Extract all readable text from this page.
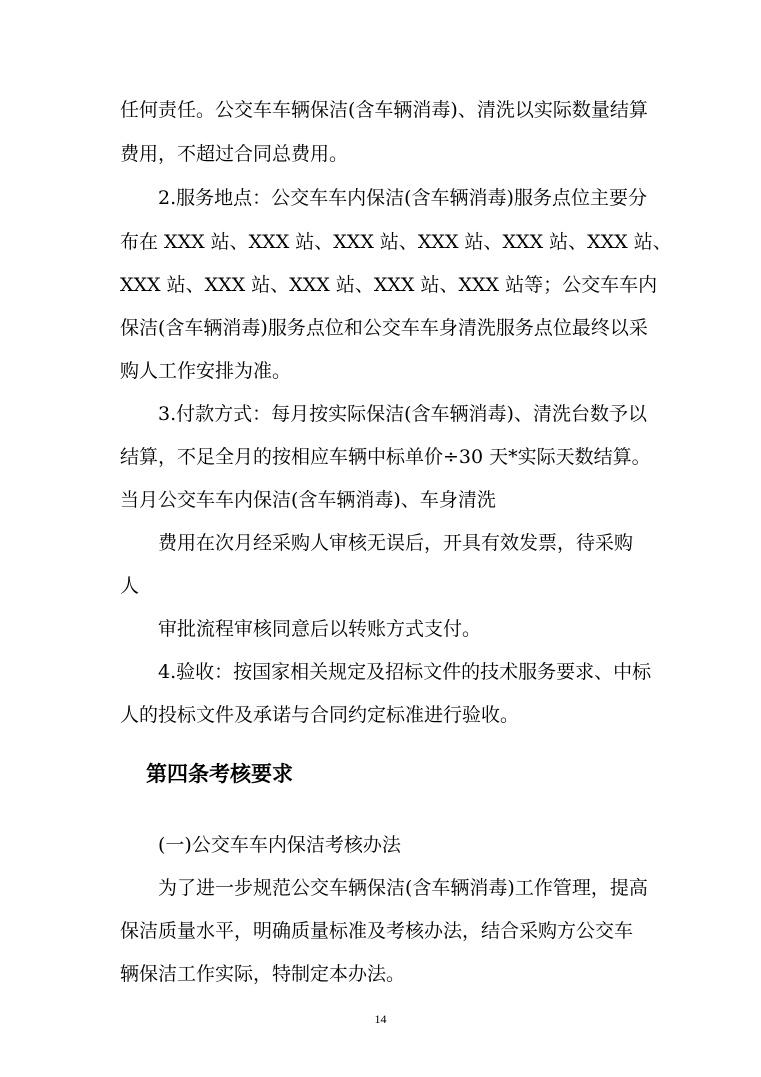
任何责任。公交车车辆保洁(含车辆消毒)、清洗以实际数量结算
费用，不超过合同总费用。
2.服务地点：公交车车内保洁(含车辆消毒)服务点位主要分
布在 XXX 站、XXX 站、XXX 站、XXX 站、XXX 站、XXX 站、
XXX 站、XXX 站、XXX 站、XXX 站、XXX 站等；公交车车内
保洁(含车辆消毒)服务点位和公交车车身清洗服务点位最终以采
购人工作安排为准。
3.付款方式：每月按实际保洁(含车辆消毒)、清洗台数予以
结算，不足全月的按相应车辆中标单价÷30 天*实际天数结算。
当月公交车车内保洁(含车辆消毒)、车身清洗
费用在次月经采购人审核无误后，开具有效发票，待采购
人
审批流程审核同意后以转账方式支付。
4.验收：按国家相关规定及招标文件的技术服务要求、中标
人的投标文件及承诺与合同约定标准进行验收。
第四条考核要求
(一)公交车车内保洁考核办法
为了进一步规范公交车辆保洁(含车辆消毒)工作管理，提高
保洁质量水平，明确质量标准及考核办法，结合采购方公交车
辆保洁工作实际，特制定本办法。
14
